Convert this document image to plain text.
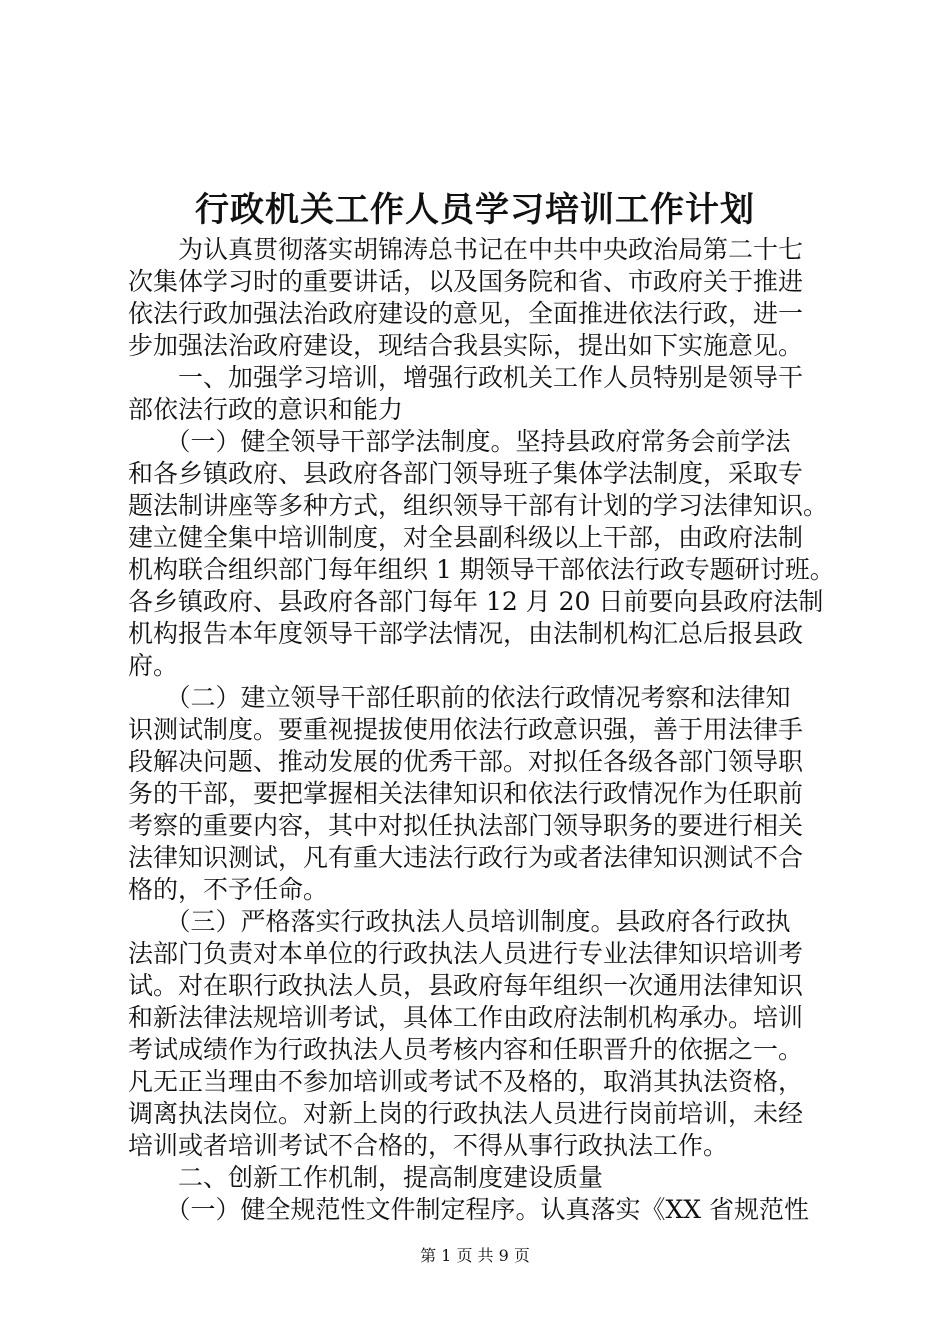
行政机关工作人员学习培训工作计划
　　为认真贯彻落实胡锦涛总书记在中共中央政治局第二十七
次集体学习时的重要讲话，以及国务院和省、市政府关于推进
依法行政加强法治政府建设的意见，全面推进依法行政，进一
步加强法治政府建设，现结合我县实际，提出如下实施意见。
　　一、加强学习培训，增强行政机关工作人员特别是领导干
部依法行政的意识和能力
　　（一）健全领导干部学法制度。坚持县政府常务会前学法
和各乡镇政府、县政府各部门领导班子集体学法制度，采取专
题法制讲座等多种方式，组织领导干部有计划的学习法律知识。
建立健全集中培训制度，对全县副科级以上干部，由政府法制
机构联合组织部门每年组织 1 期领导干部依法行政专题研讨班。
各乡镇政府、县政府各部门每年 12 月 20 日前要向县政府法制
机构报告本年度领导干部学法情况，由法制机构汇总后报县政
府。
　　（二）建立领导干部任职前的依法行政情况考察和法律知
识测试制度。要重视提拔使用依法行政意识强，善于用法律手
段解决问题、推动发展的优秀干部。对拟任各级各部门领导职
务的干部，要把掌握相关法律知识和依法行政情况作为任职前
考察的重要内容，其中对拟任执法部门领导职务的要进行相关
法律知识测试，凡有重大违法行政行为或者法律知识测试不合
格的，不予任命。
　　（三）严格落实行政执法人员培训制度。县政府各行政执
法部门负责对本单位的行政执法人员进行专业法律知识培训考
试。对在职行政执法人员，县政府每年组织一次通用法律知识
和新法律法规培训考试，具体工作由政府法制机构承办。培训
考试成绩作为行政执法人员考核内容和任职晋升的依据之一。
凡无正当理由不参加培训或考试不及格的，取消其执法资格，
调离执法岗位。对新上岗的行政执法人员进行岗前培训，未经
培训或者培训考试不合格的，不得从事行政执法工作。
　　二、创新工作机制，提高制度建设质量
　　（一）健全规范性文件制定程序。认真落实《XX 省规范性
第 1 页 共 9 页
